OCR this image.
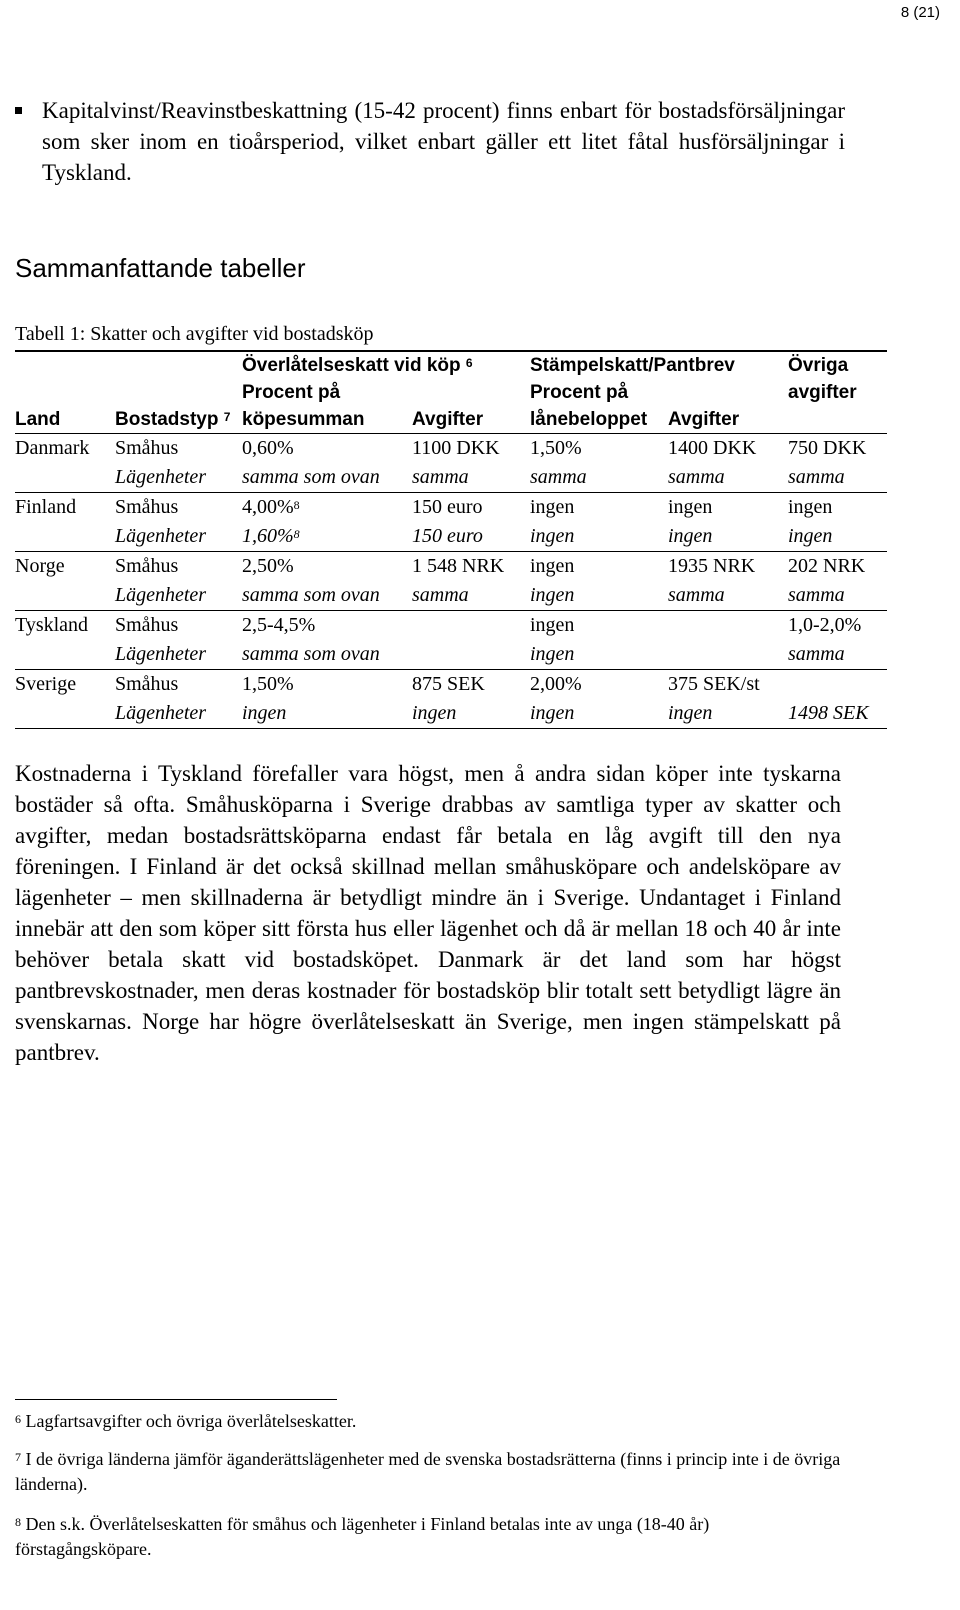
8 (21)
Kapitalvinst/Reavinstbeskattning (15-42 procent) finns enbart för bostadsförsäljningar som sker inom en tioårsperiod, vilket enbart gäller ett litet fåtal husförsäljningar i Tyskland.
Sammanfattande tabeller
Tabell 1: Skatter och avgifter vid bostadsköp
		Överlåtelseskatt vid köp $^6$		Stämpelskatt/Pantbrev		Övriga
		Procent på		Procent på		avgifter
Land	Bostadstyp $^7$	köpesumman	Avgifter	lånebeloppet	Avgifter	
Danmark	Småhus	0,60%	1100 DKK	1,50%	1400 DKK	750 DKK
	Lägenheter	samma som ovan	samma	samma	samma	samma
Finland	Småhus	4,00%$^8$	150 euro	ingen	ingen	ingen
	Lägenheter	1,60%$^8$	150 euro	ingen	ingen	ingen
Norge	Småhus	2,50%	1 548 NRK	ingen	1935 NRK	202 NRK
	Lägenheter	samma som ovan	samma	ingen	samma	samma
Tyskland	Småhus	2,5-4,5%		ingen		1,0-2,0%
	Lägenheter	samma som ovan		ingen		samma
Sverige	Småhus	1,50%	875 SEK	2,00%	375 SEK/st	
	Lägenheter	ingen	ingen	ingen	ingen	1498 SEK
Kostnaderna i Tyskland förefaller vara högst, men å andra sidan köper inte tyskarna bostäder så ofta. Småhusköparna i Sverige drabbas av samtliga typer av skatter och avgifter, medan bostadsrättsköparna endast får betala en låg avgift till den nya föreningen. I Finland är det också skillnad mellan småhusköpare och andelsköpare av lägenheter – men skillnaderna är betydligt mindre än i Sverige. Undantaget i Finland innebär att den som köper sitt första hus eller lägenhet och då är mellan 18 och 40 år inte behöver betala skatt vid bostadsköpet. Danmark är det land som har högst pantbrevskostnader, men deras kostnader för bostadsköp blir totalt sett betydligt lägre än svenskarnas. Norge har högre överlåtelseskatt än Sverige, men ingen stämpelskatt på pantbrev.
$^6$ Lagfartsavgifter och övriga överlåtelseskatter.
$^7$ I de övriga länderna jämför äganderättslägenheter med de svenska bostadsrätterna (finns i princip inte i de övriga länderna).
$^8$ Den s.k. Överlåtelseskatten för småhus och lägenheter i Finland betalas inte av unga (18-40 år) förstagångsköpare.
